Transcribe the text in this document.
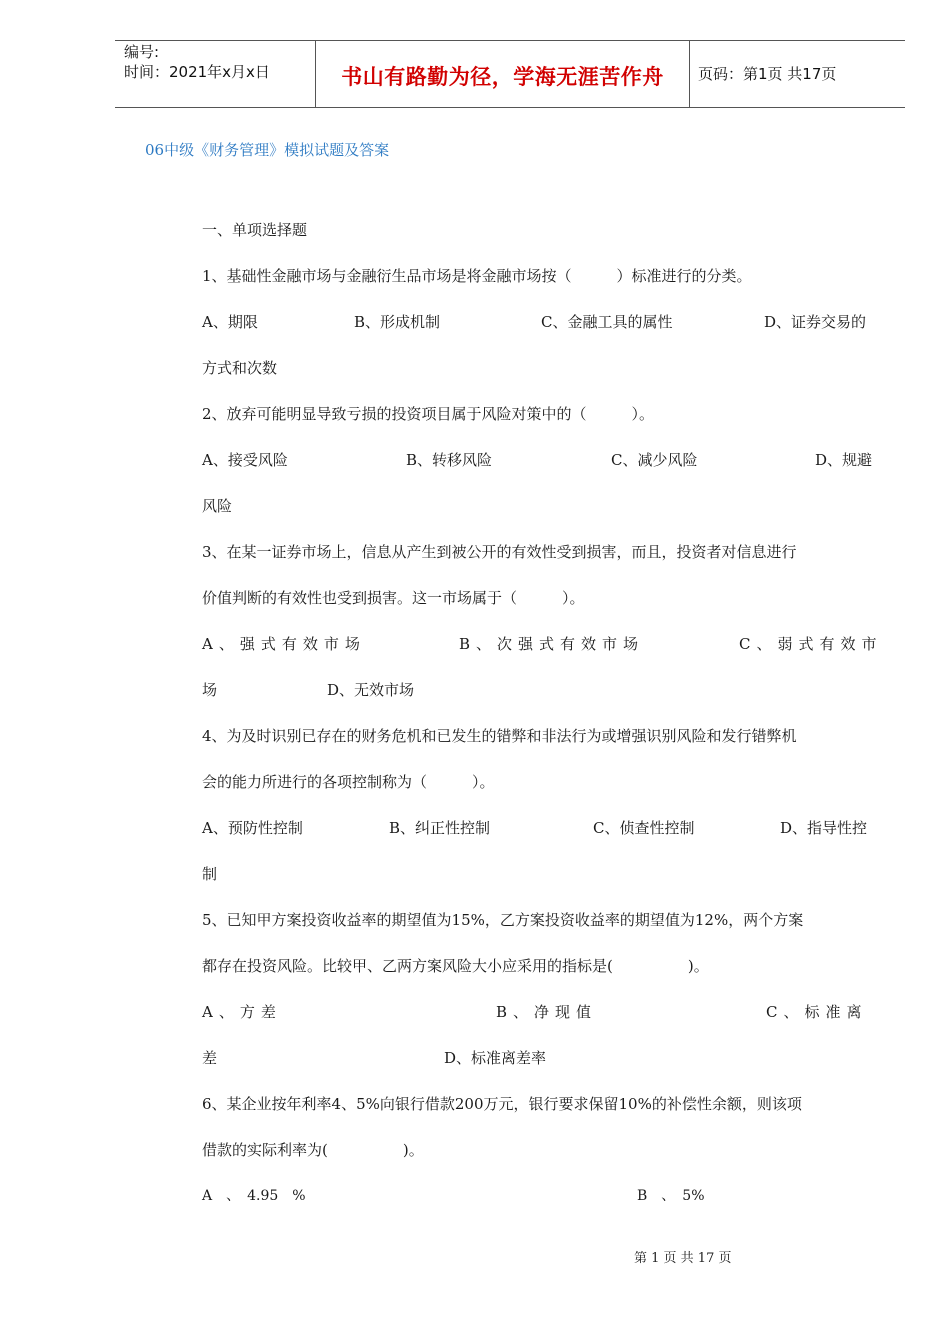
编号:
时间：2021年x月x日	书山有路勤为径，学海无涯苦作舟	页码：第1页 共17页
06中级《财务管理》模拟试题及答案
一、单项选择题
1、基础性金融市场与金融衍生品市场是将金融市场按（　　　）标准进行的分类。
A、期限	B、形成机制	C、金融工具的属性	D、证券交易的
方式和次数
2、放弃可能明显导致亏损的投资项目属于风险对策中的（　　　）。
A、接受风险	B、转移风险	C、减少风险	D、规避
风险
3、在某一证券市场上，信息从产生到被公开的有效性受到损害，而且，投资者对信息进行
价值判断的有效性也受到损害。这一市场属于（　　　）。
A、强式有效市场	B、次强式有效市场	C、弱式有效市
场	D、无效市场
4、为及时识别已存在的财务危机和已发生的错弊和非法行为或增强识别风险和发行错弊机
会的能力所进行的各项控制称为（　　　）。
A、预防性控制	B、纠正性控制	C、侦查性控制	D、指导性控
制
5、已知甲方案投资收益率的期望值为15%，乙方案投资收益率的期望值为12%，两个方案
都存在投资风险。比较甲、乙两方案风险大小应采用的指标是(　　　　　)。
A、方差	B、净现值	C、标准离
差	D、标准离差率
6、某企业按年利率4、5%向银行借款200万元，银行要求保留10%的补偿性余额，则该项
借款的实际利率为(　　　　　)。
A　、　4.95　%	B　、　5%
第 1 页 共 17 页
